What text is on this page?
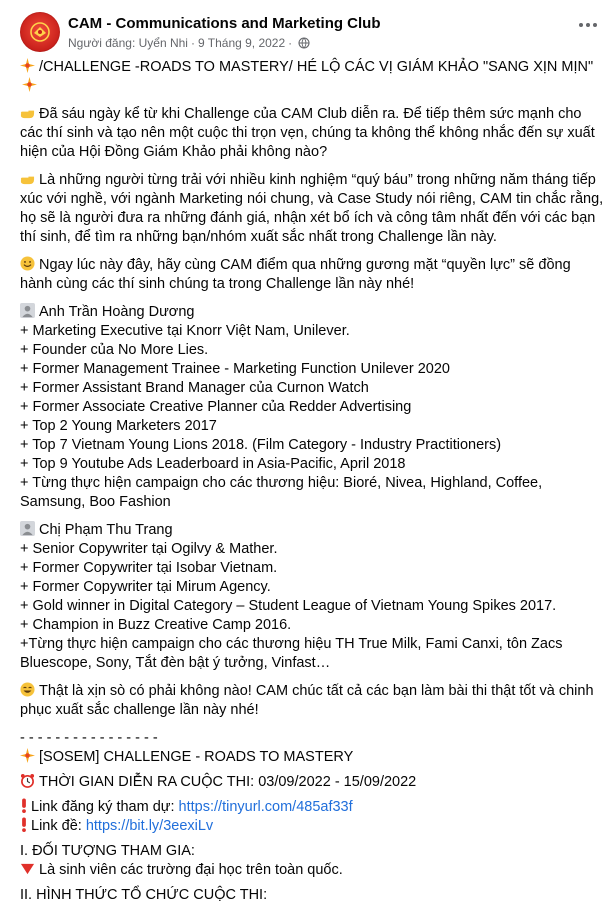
CAM - Communications and Marketing Club
Người đăng: Uyển Nhi · 9 Tháng 9, 2022 ·

/CHALLENGE -ROADS TO MASTERY/ HÉ LỘ CÁC VỊ GIÁM KHẢO "SANG XỊN MỊN"

Đã sáu ngày kể từ khi Challenge của CAM Club diễn ra. Để tiếp thêm sức mạnh cho các thí sinh và tạo nên một cuộc thi trọn vẹn, chúng ta không thể không nhắc đến sự xuất hiện của Hội Đồng Giám Khảo phải không nào?

Là những người từng trải với nhiều kinh nghiệm “quý báu” trong những năm tháng tiếp xúc với nghề, với ngành Marketing nói chung, và Case Study nói riêng, CAM tin chắc rằng, họ sẽ là người đưa ra những đánh giá, nhận xét bổ ích và công tâm nhất đến với các bạn thí sinh, để tìm ra những bạn/nhóm xuất sắc nhất trong Challenge lần này.

Ngay lúc này đây, hãy cùng CAM điểm qua những gương mặt “quyền lực” sẽ đồng hành cùng các thí sinh chúng ta trong Challenge lần này nhé!

Anh Trần Hoàng Dương
+ Marketing Executive tại Knorr Việt Nam, Unilever.
+ Founder của No More Lies.
+ Former Management Trainee - Marketing Function Unilever 2020
+ Former Assistant Brand Manager của Curnon Watch
+ Former Associate Creative Planner của Redder Advertising
+ Top 2 Young Marketers 2017
+ Top 7 Vietnam Young Lions 2018. (Film Category - Industry Practitioners)
+ Top 9 Youtube Ads Leaderboard in Asia-Pacific, April 2018
+ Từng thực hiện campaign cho các thương hiệu: Bioré, Nivea, Highland, Coffee, Samsung, Boo Fashion

Chị Phạm Thu Trang
+ Senior Copywriter tại Ogilvy & Mather.
+ Former Copywriter tại Isobar Vietnam.
+ Former Copywriter tại Mirum Agency.
+ Gold winner in Digital Category – Student League of Vietnam Young Spikes 2017.
+ Champion in Buzz Creative Camp 2016.
+Từng thực hiện campaign cho các thương hiệu TH True Milk, Fami Canxi, tôn Zacs Bluescope, Sony, Tắt đèn bật ý tưởng, Vinfast…

Thật là xịn sò có phải không nào! CAM chúc tất cả các bạn làm bài thi thật tốt và chinh phục xuất sắc challenge lần này nhé!

- - - - - - - - - - - - - - - -
[SOSEM] CHALLENGE - ROADS TO MASTERY

THỜI GIAN DIỄN RA CUỘC THI: 03/09/2022 - 15/09/2022

Link đăng ký tham dự: https://tinyurl.com/485af33f
Link đề: https://bit.ly/3eexiLv

I. ĐỐI TƯỢNG THAM GIA:
Là sinh viên các trường đại học trên toàn quốc.

II. HÌNH THỨC TỔ CHỨC CUỘC THI:
